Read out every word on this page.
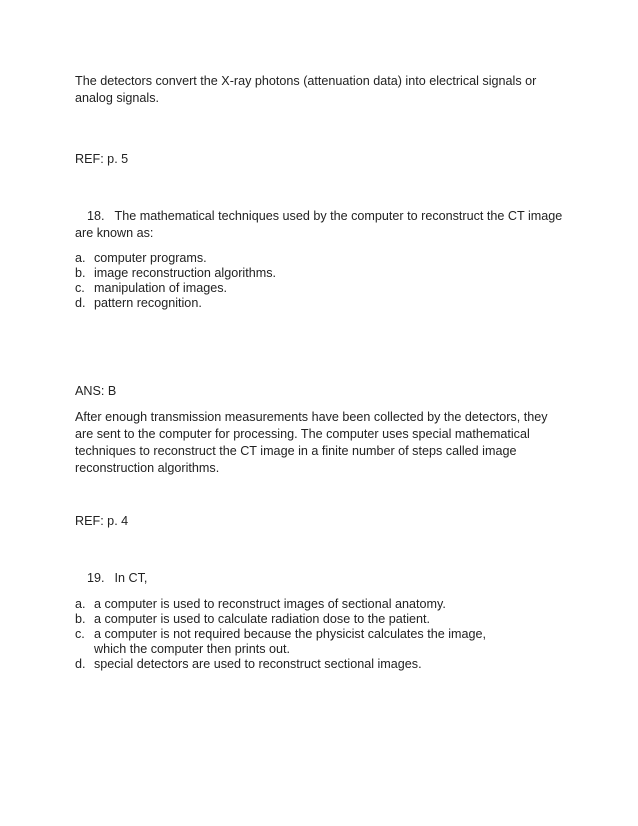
The detectors convert the X-ray photons (attenuation data) into electrical signals or
analog signals.

REF: p. 5

18. The mathematical techniques used by the computer to reconstruct the CT image
are known as:

a. computer programs.
b. image reconstruction algorithms.
c. manipulation of images.
d. pattern recognition.

ANS: B

After enough transmission measurements have been collected by the detectors, they
are sent to the computer for processing. The computer uses special mathematical
techniques to reconstruct the CT image in a finite number of steps called image
reconstruction algorithms.

REF: p. 4

19. In CT,

a. a computer is used to reconstruct images of sectional anatomy.
b. a computer is used to calculate radiation dose to the patient.
c. a computer is not required because the physicist calculates the image,
which the computer then prints out.
d. special detectors are used to reconstruct sectional images.
